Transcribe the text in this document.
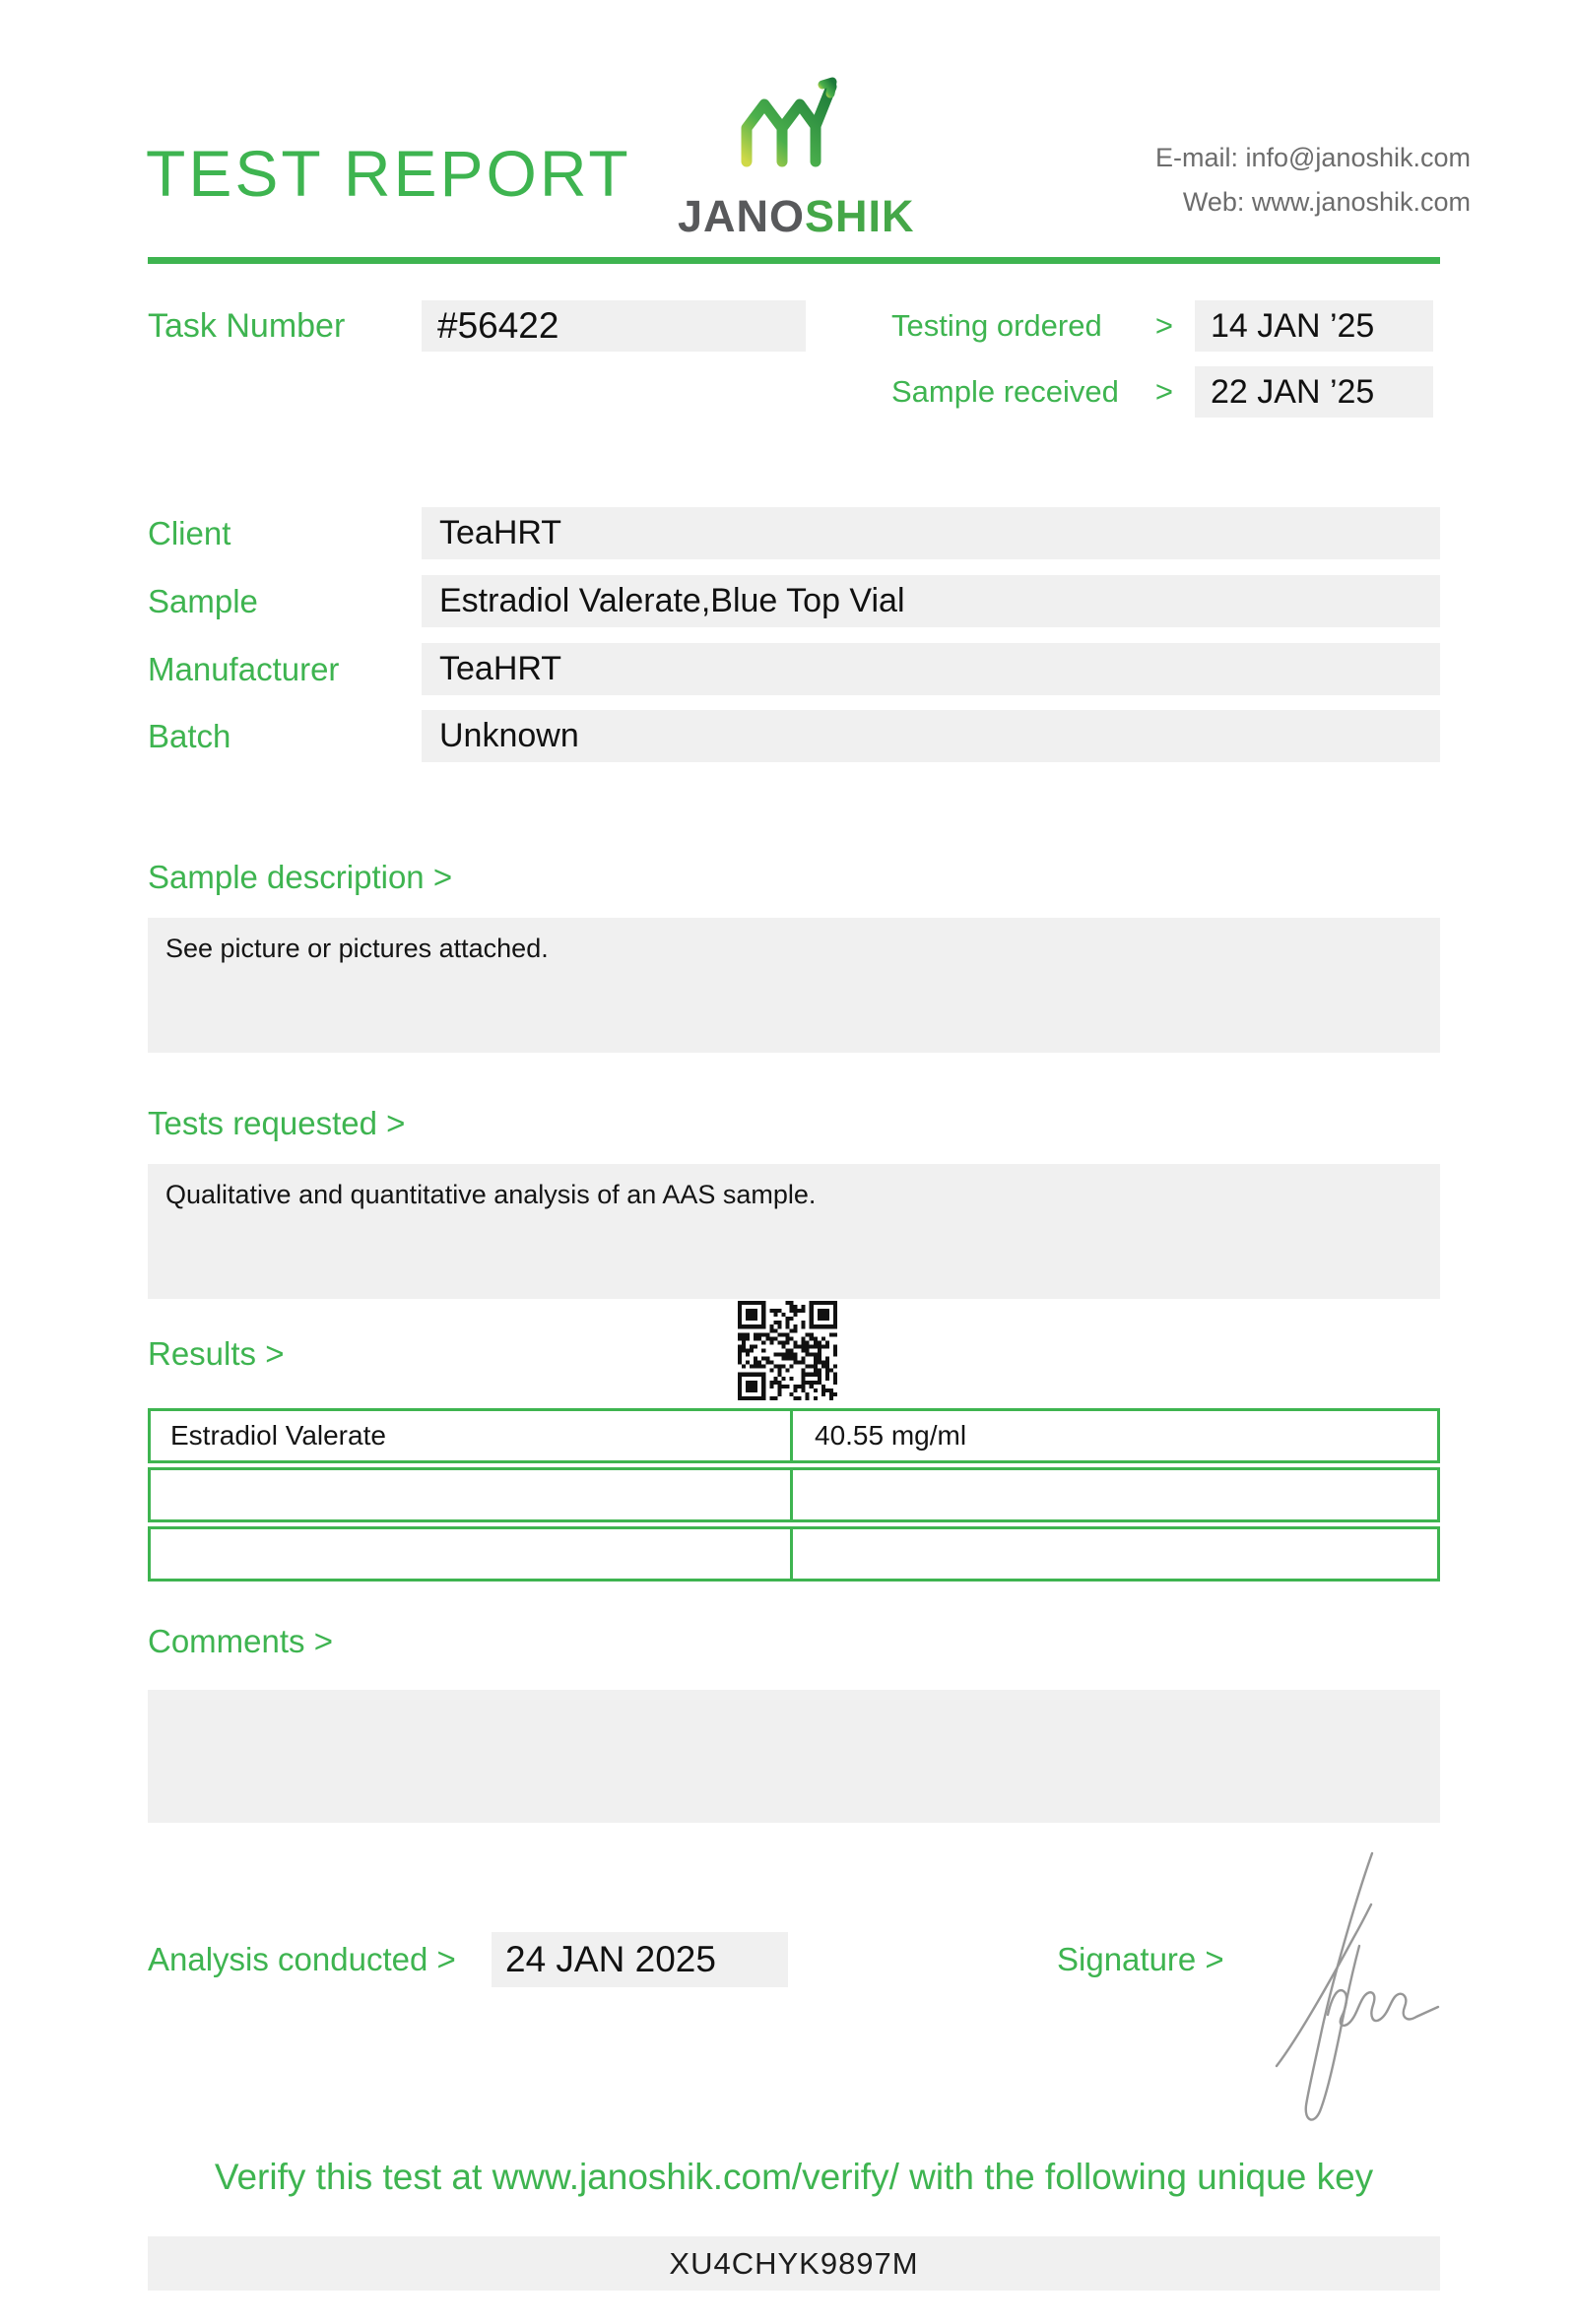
TEST REPORT
JANOSHIK
E-mail: info@janoshik.com
Web: www.janoshik.com
Task Number	#56422	Testing ordered	>	14 JAN ’25
Sample received	>	22 JAN ’25
Client	TeaHRT
Sample	Estradiol Valerate,Blue Top Vial
Manufacturer	TeaHRT
Batch	Unknown
Sample description >
See picture or pictures attached.
Tests requested >
Qualitative and quantitative analysis of an AAS sample.
Results >
Estradiol Valerate	40.55 mg/ml
Comments >
Analysis conducted >	24 JAN 2025	Signature >
Verify this test at www.janoshik.com/verify/ with the following unique key
XU4CHYK9897M
